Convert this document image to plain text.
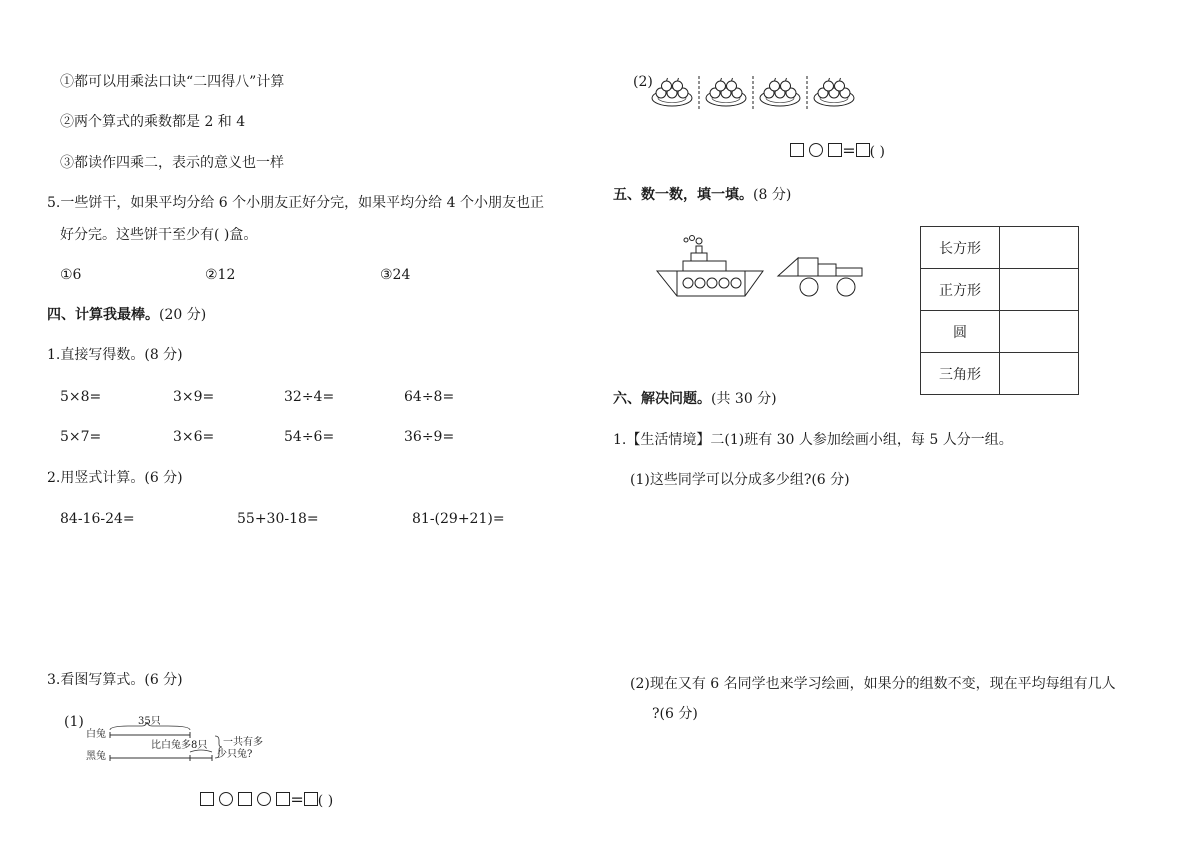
①都可以用乘法口诀“二四得八”计算
②两个算式的乘数都是 2 和 4
③都读作四乘二，表示的意义也一样
5.一些饼干，如果平均分给 6 个小朋友正好分完，如果平均分给 4 个小朋友也正
好分完。这些饼干至少有( )盒。
①6	②12	③24
四、计算我最棒。(20 分)
1.直接写得数。(8 分)
5×8=	3×9=	32÷4=	64÷8=
5×7=	3×6=	54÷6=	36÷9=
2.用竖式计算。(6 分)
84-16-24=	55+30-18=	81-(29+21)=
3.看图写算式。(6 分)
(1)	35只
白兔
黑兔
比白兔多8只 一共有多
少只兔?
= ( )
(2)
= ( )
五、数一数，填一填。(8 分)
长方形	
正方形	
圆	
三角形	
六、解决问题。(共 30 分)
1.【生活情境】二(1)班有 30 人参加绘画小组，每 5 人分一组。
(1)这些同学可以分成多少组?(6 分)
(2)现在又有 6 名同学也来学习绘画，如果分的组数不变，现在平均每组有几人
?(6 分)
